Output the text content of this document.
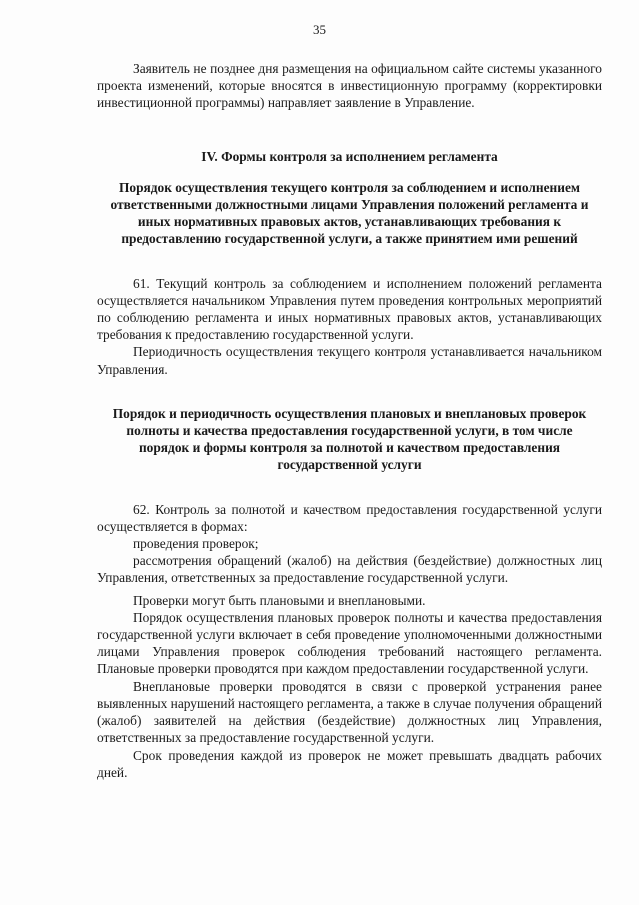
35

Заявитель не позднее дня размещения на официальном сайте системы указанного проекта изменений, которые вносятся в инвестиционную программу (корректировки инвестиционной программы) направляет заявление в Управление.

IV. Формы контроля за исполнением регламента

Порядок осуществления текущего контроля за соблюдением и исполнением ответственными должностными лицами Управления положений регламента и иных нормативных правовых актов, устанавливающих требования к предоставлению государственной услуги, а также принятием ими решений

61. Текущий контроль за соблюдением и исполнением положений регламента осуществляется начальником Управления путем проведения контрольных мероприятий по соблюдению регламента и иных нормативных правовых актов, устанавливающих требования к предоставлению государственной услуги.

Периодичность осуществления текущего контроля устанавливается начальником Управления.

Порядок и периодичность осуществления плановых и внеплановых проверок полноты и качества предоставления государственной услуги, в том числе порядок и формы контроля за полнотой и качеством предоставления государственной услуги

62. Контроль за полнотой и качеством предоставления государственной услуги осуществляется в формах:

проведения проверок;

рассмотрения обращений (жалоб) на действия (бездействие) должностных лиц Управления, ответственных за предоставление государственной услуги.

Проверки могут быть плановыми и внеплановыми.

Порядок осуществления плановых проверок полноты и качества предоставления государственной услуги включает в себя проведение уполномоченными должностными лицами Управления проверок соблюдения требований настоящего регламента. Плановые проверки проводятся при каждом предоставлении государственной услуги.

Внеплановые проверки проводятся в связи с проверкой устранения ранее выявленных нарушений настоящего регламента, а также в случае получения обращений (жалоб) заявителей на действия (бездействие) должностных лиц Управления, ответственных за предоставление государственной услуги.

Срок проведения каждой из проверок не может превышать двадцать рабочих дней.
